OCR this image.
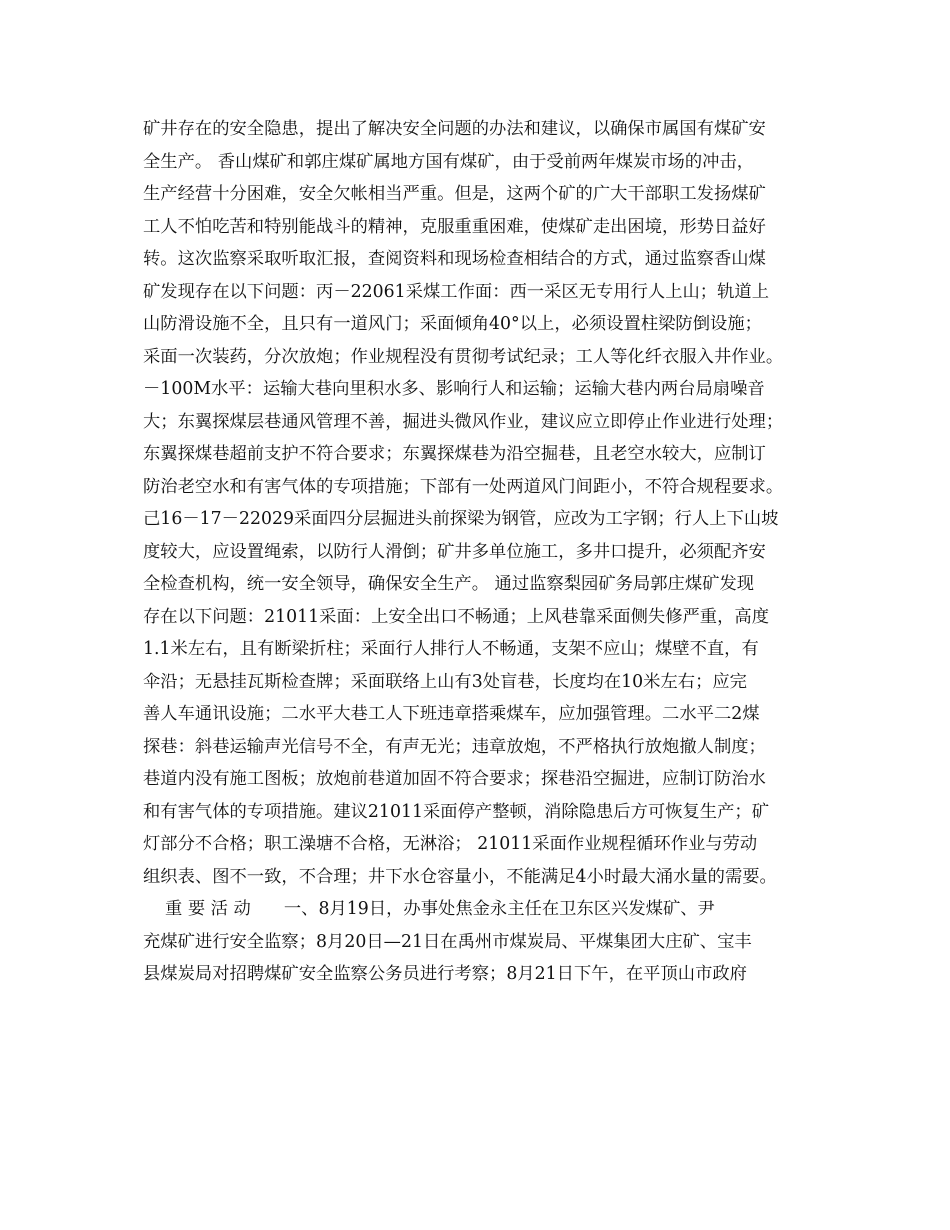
矿井存在的安全隐患，提出了解决安全问题的办法和建议，以确保市属国有煤矿安
全生产。 香山煤矿和郭庄煤矿属地方国有煤矿，由于受前两年煤炭市场的冲击，
生产经营十分困难，安全欠帐相当严重。但是，这两个矿的广大干部职工发扬煤矿
工人不怕吃苦和特别能战斗的精神，克服重重困难，使煤矿走出困境，形势日益好
转。这次监察采取听取汇报，查阅资料和现场检查相结合的方式，通过监察香山煤
矿发现存在以下问题：丙－22061采煤工作面：西一采区无专用行人上山；轨道上
山防滑设施不全，且只有一道风门；采面倾角40°以上，必须设置柱梁防倒设施；
采面一次装药，分次放炮；作业规程没有贯彻考试纪录；工人等化纤衣服入井作业。
－100M水平：运输大巷向里积水多、影响行人和运输；运输大巷内两台局扇噪音
大；东翼探煤层巷通风管理不善，掘进头微风作业，建议应立即停止作业进行处理；
东翼探煤巷超前支护不符合要求；东翼探煤巷为沿空掘巷，且老空水较大，应制订
防治老空水和有害气体的专项措施；下部有一处两道风门间距小，不符合规程要求。
己16－17－22029采面四分层掘进头前探梁为钢管，应改为工字钢；行人上下山坡
度较大，应设置绳索，以防行人滑倒；矿井多单位施工，多井口提升，必须配齐安
全检查机构，统一安全领导，确保安全生产。 通过监察梨园矿务局郭庄煤矿发现
存在以下问题：21011采面：上安全出口不畅通；上风巷靠采面侧失修严重，高度
1.1米左右，且有断梁折柱；采面行人排行人不畅通，支架不应山；煤壁不直，有
伞沿；无悬挂瓦斯检查牌；采面联络上山有3处盲巷，长度均在10米左右；应完
善人车通讯设施；二水平大巷工人下班违章搭乘煤车，应加强管理。二水平二2煤
探巷：斜巷运输声光信号不全，有声无光；违章放炮，不严格执行放炮撤人制度；
巷道内没有施工图板；放炮前巷道加固不符合要求；探巷沿空掘进，应制订防治水
和有害气体的专项措施。建议21011采面停产整顿，消除隐患后方可恢复生产；矿
灯部分不合格；职工澡塘不合格，无淋浴； 21011采面作业规程循环作业与劳动
组织表、图不一致，不合理；井下水仓容量小，不能满足4小时最大涌水量的需要。
重 要 活 动      一、8月19日，办事处焦金永主任在卫东区兴发煤矿、尹
充煤矿进行安全监察；8月20日—21日在禹州市煤炭局、平煤集团大庄矿、宝丰
县煤炭局对招聘煤矿安全监察公务员进行考察；8月21日下午，在平顶山市政府
